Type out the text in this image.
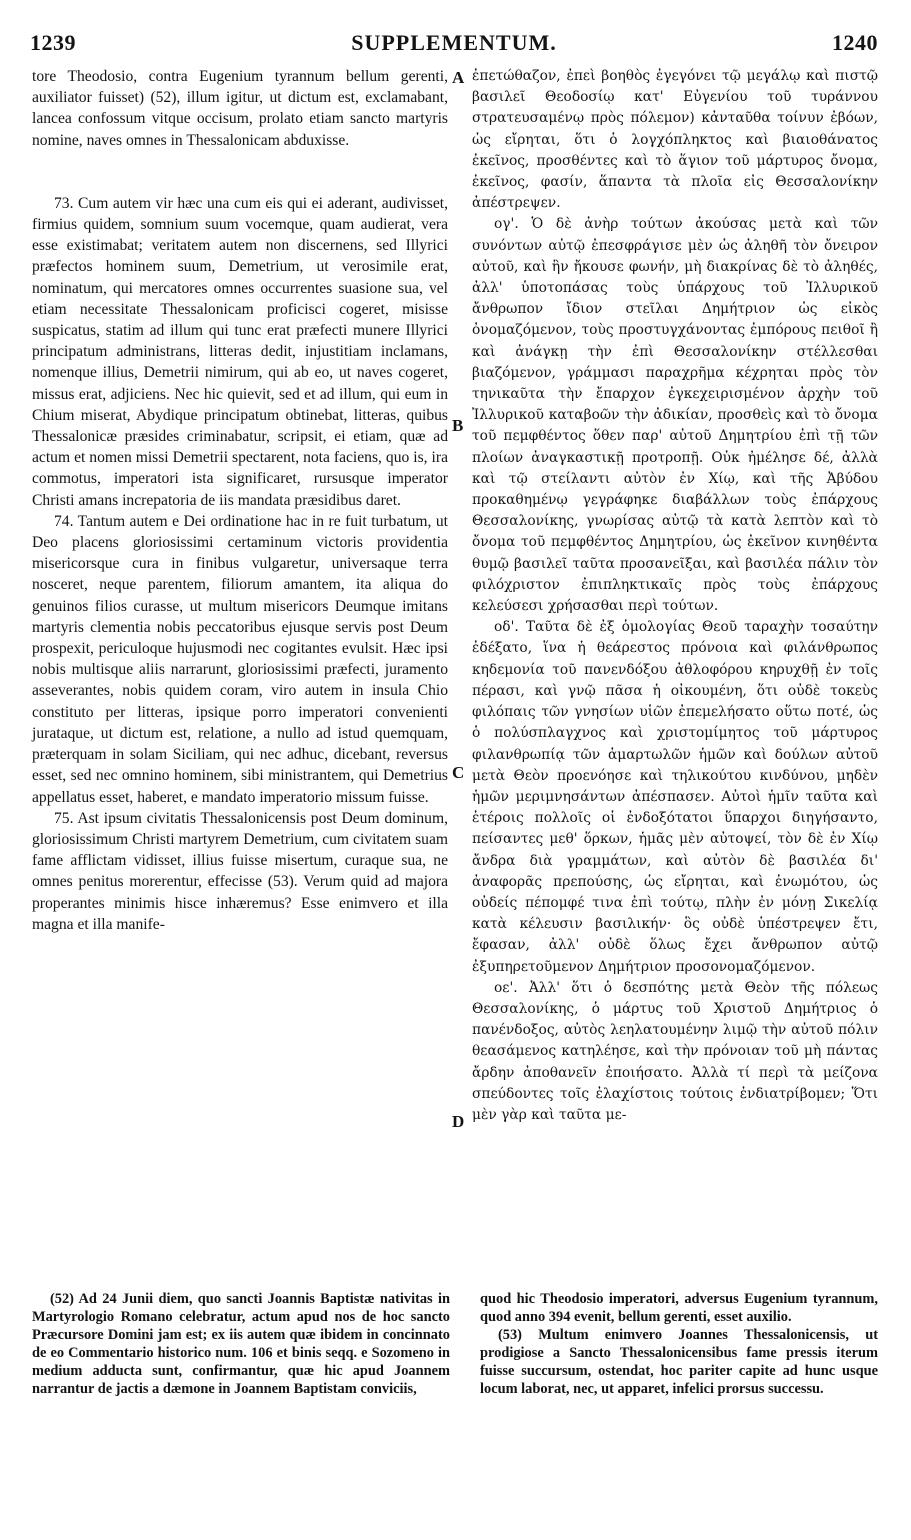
1239	SUPPLEMENTUM.	1240

tore Theodosio, contra Eugenium tyrannum bellum gerenti, auxiliator fuisset) (52), illum igitur, ut dictum est, exclamabant, lancea confossum vitque occisum, prolato etiam sancto martyris nomine, naves omnes in Thessalonicam abduxisse.

73. Cum autem vir hæc una cum eis qui ei aderant, audivisset, firmius quidem, somnium suum vocemque, quam audierat, vera esse existimabat; veritatem autem non discernens, sed Illyrici præfectos hominem suum, Demetrium, ut verosimile erat, nominatum, qui mercatores omnes occurrentes suasione sua, vel etiam necessitate Thessalonicam proficisci cogeret, misisse suspicatus, statim ad illum qui tunc erat præfecti munere Illyrici principatum administrans, litteras dedit, injustitiam inclamans, nomenque illius, Demetrii nimirum, qui ab eo, ut naves cogeret, missus erat, adjiciens. Nec hic quievit, sed et ad illum, qui eum in Chium miserat, Abydique principatum obtinebat, litteras, quibus Thessalonicæ præsides criminabatur, scripsit, ei etiam, quæ ad actum et nomen missi Demetrii spectarent, nota faciens, quo is, ira commotus, imperatori ista significaret, rursusque imperator Christi amans increpatoria de iis mandata præsidibus daret.

74. Tantum autem e Dei ordinatione hac in re fuit turbatum, ut Deo placens gloriosissimi certaminum victoris providentia misericorsque cura in finibus vulgaretur, universaque terra nosceret, neque parentem, filiorum amantem, ita aliqua do genuinos filios curasse, ut multum misericors Deumque imitans martyris clementia nobis peccatoribus ejusque servis post Deum prospexit, periculoque hujusmodi nec cogitantes evulsit. Hæc ipsi nobis multisque aliis narrarunt, gloriosissimi præfecti, juramento asseverantes, nobis quidem coram, viro autem in insula Chio constituto per litteras, ipsique porro imperatori convenienti jurataque, ut dictum est, relatione, a nullo ad istud quemquam, præterquam in solam Siciliam, qui nec adhuc, dicebant, reversus esset, sed nec omnino hominem, sibi ministrantem, qui Demetrius appellatus esset, haberet, e mandato imperatorio missum fuisse.

75. Ast ipsum civitatis Thessalonicensis post Deum dominum, gloriosissimum Christi martyrem Demetrium, cum civitatem suam fame afflictam vidisset, illius fuisse misertum, curaque sua, ne omnes penitus morerentur, effecisse (53). Verum quid ad majora properantes minimis hisce inhæremus? Esse enimvero et illa magna et illa manife-

A
B
C
D

ἐπετώθαζον, ἐπεὶ βοηθὸς ἐγεγόνει τῷ μεγάλῳ καὶ πιστῷ βασιλεῖ Θεοδοσίῳ κατ' Εὐγενίου τοῦ τυράννου στρατευσαμένῳ πρὸς πόλεμον) κἀνταῦθα τοίνυν ἐβόων, ὡς εἴρηται, ὅτι ὁ λογχόπληκτος καὶ βιαιοθάνατος ἐκεῖνος, προσθέντες καὶ τὸ ἅγιον τοῦ μάρτυρος ὄνομα, ἐκεῖνος, φασίν, ἅπαντα τὰ πλοῖα εἰς Θεσσαλονίκην ἀπέστρεψεν.

ογ'. Ὁ δὲ ἀνὴρ τούτων ἀκούσας μετὰ καὶ τῶν συνόντων αὐτῷ ἐπεσφράγισε μὲν ὡς ἀληθῆ τὸν ὄνειρον αὐτοῦ, καὶ ἣν ἤκουσε φωνήν, μὴ διακρίνας δὲ τὸ ἀληθές, ἀλλ' ὑποτοπάσας τοὺς ὑπάρχους τοῦ Ἰλλυρικοῦ ἄνθρωπον ἴδιον στεῖλαι Δημήτριον ὡς εἰκὸς ὀνομαζόμενον, τοὺς προστυγχάνοντας ἐμπόρους πειθοῖ ἢ καὶ ἀνάγκῃ τὴν ἐπὶ Θεσσαλονίκην στέλλεσθαι βιαζόμενον, γράμμασι παραχρῆμα κέχρηται πρὸς τὸν τηνικαῦτα τὴν ἔπαρχον ἐγκεχειρισμένον ἀρχὴν τοῦ Ἰλλυρικοῦ καταβοῶν τὴν ἀδικίαν, προσθεὶς καὶ τὸ ὄνομα τοῦ πεμφθέντος ὅθεν παρ' αὐτοῦ Δημητρίου ἐπὶ τῇ τῶν πλοίων ἀναγκαστικῇ προτροπῇ. Οὐκ ἠμέλησε δέ, ἀλλὰ καὶ τῷ στείλαντι αὐτὸν ἐν Χίῳ, καὶ τῆς Ἀβύδου προκαθημένῳ γεγράφηκε διαβάλλων τοὺς ἐπάρχους Θεσσαλονίκης, γνωρίσας αὐτῷ τὰ κατὰ λεπτὸν καὶ τὸ ὄνομα τοῦ πεμφθέντος Δημητρίου, ὡς ἐκεῖνον κινηθέντα θυμῷ βασιλεῖ ταῦτα προσανεῖξαι, καὶ βασιλέα πάλιν τὸν φιλόχριστον ἐπιπληκτικαῖς πρὸς τοὺς ἐπάρχους κελεύσεσι χρήσασθαι περὶ τούτων.

οδ'. Ταῦτα δὲ ἐξ ὁμολογίας Θεοῦ ταραχὴν τοσαύτην ἐδέξατο, ἵνα ἡ θεάρεστος πρόνοια καὶ φιλάνθρωπος κηδεμονία τοῦ πανενδόξου ἀθλοφόρου κηρυχθῇ ἐν τοῖς πέρασι, καὶ γνῷ πᾶσα ἡ οἰκουμένη, ὅτι οὐδὲ τοκεὺς φιλόπαις τῶν γνησίων υἱῶν ἐπεμελήσατο οὕτω ποτέ, ὡς ὁ πολύσπλαγχνος καὶ χριστομίμητος τοῦ μάρτυρος φιλανθρωπίᾳ τῶν ἁμαρτωλῶν ἡμῶν καὶ δούλων αὐτοῦ μετὰ Θεὸν προενόησε καὶ τηλικούτου κινδύνου, μηδὲν ἡμῶν μεριμνησάντων ἀπέσπασεν. Αὐτοὶ ἡμῖν ταῦτα καὶ ἑτέροις πολλοῖς οἱ ἐνδοξότατοι ὕπαρχοι διηγήσαντο, πείσαντες μεθ' ὅρκων, ἡμᾶς μὲν αὐτοψεί, τὸν δὲ ἐν Χίῳ ἄνδρα διὰ γραμμάτων, καὶ αὐτὸν δὲ βασιλέα δι' ἀναφορᾶς πρεπούσης, ὡς εἴρηται, καὶ ἐνωμότου, ὡς οὐδείς πέπομφέ τινα ἐπὶ τούτῳ, πλὴν ἐν μόνῃ Σικελίᾳ κατὰ κέλευσιν βασιλικήν· ὃς οὐδὲ ὑπέστρεψεν ἔτι, ἔφασαν, ἀλλ' οὐδὲ ὅλως ἔχει ἄνθρωπον αὐτῷ ἐξυπηρετοῦμενον Δημήτριον προσονομαζόμενον.

οε'. Ἀλλ' ὅτι ὁ δεσπότης μετὰ Θεὸν τῆς πόλεως Θεσσαλονίκης, ὁ μάρτυς τοῦ Χριστοῦ Δημήτριος ὁ πανένδοξος, αὐτὸς λεηλατουμένην λιμῷ τὴν αὐτοῦ πόλιν θεασάμενος κατηλέησε, καὶ τὴν πρόνοιαν τοῦ μὴ πάντας ἄρδην ἀποθανεῖν ἐποιήσατο. Ἀλλὰ τί περὶ τὰ μείζονα σπεύδοντες τοῖς ἐλαχίστοις τούτοις ἐνδιατρίβομεν; Ὅτι μὲν γὰρ καὶ ταῦτα με-

(52) Ad 24 Junii diem, quo sancti Joannis Baptistæ nativitas in Martyrologio Romano celebratur, actum apud nos de hoc sancto Præcursore Domini jam est; ex iis autem quæ ibidem in concinnato de eo Commentario historico num. 106 et binis seqq. e Sozomeno in medium adducta sunt, confirmantur, quæ hic apud Joannem narrantur de jactis a dæmone in Joannem Baptistam conviciis,

quod hic Theodosio imperatori, adversus Eugenium tyrannum, quod anno 394 evenit, bellum gerenti, esset auxilio.

(53) Multum enimvero Joannes Thessalonicensis, ut prodigiose a Sancto Thessalonicensibus fame pressis iterum fuisse succursum, ostendat, hoc pariter capite ad hunc usque locum laborat, nec, ut apparet, infelici prorsus successu.
